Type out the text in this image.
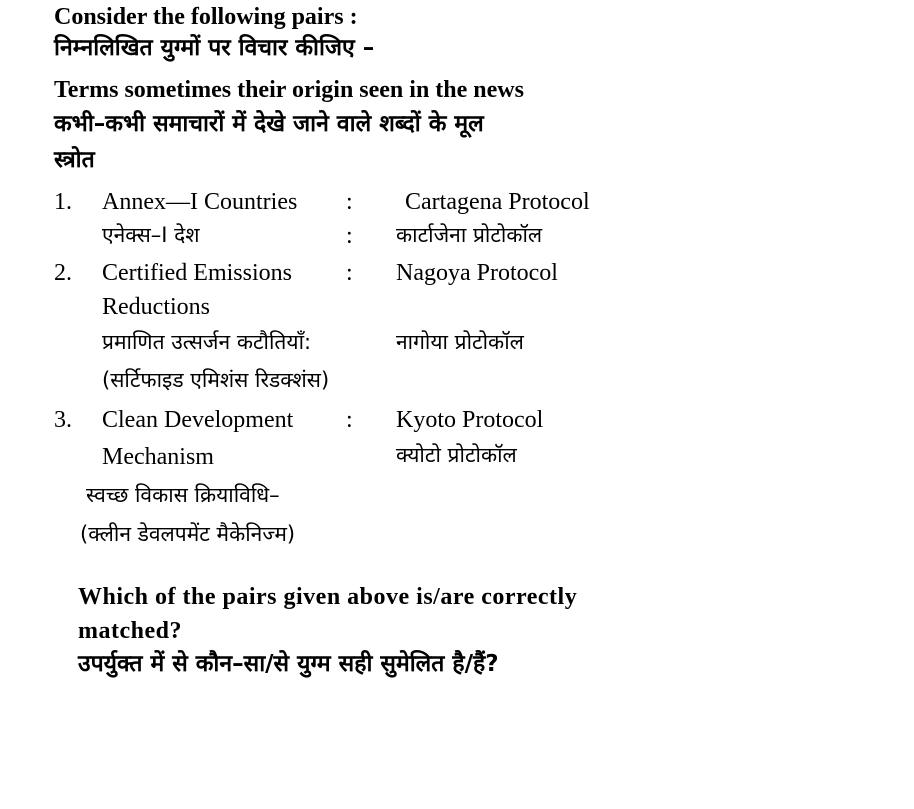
Consider the following pairs :
निम्नलिखित युग्मों पर विचार कीजिए –
Terms sometimes their origin seen in the news
कभी–कभी समाचारों में देखे जाने वाले शब्दों के मूल
स्त्रोत
1. Annex—I Countries : Cartagena Protocol
एनेक्स–I देश	: कार्टाजेना प्रोटोकॉल
2. Certified Emissions : Nagoya Protocol
Reductions
प्रमाणित उत्सर्जन कटौतियाँ:	नागोया प्रोटोकॉल
(सर्टिफाइड एमिशंस रिडक्शंस)
3. Clean Development : Kyoto Protocol
Mechanism	क्योटो प्रोटोकॉल
स्वच्छ विकास क्रियाविधि–
(क्लीन डेवलपमेंट मैकेनिज्म)
Which of the pairs given above is/are correctly
matched?
उपर्युक्त में से कौन–सा/से युग्म सही सुमेलित है/हैं?
